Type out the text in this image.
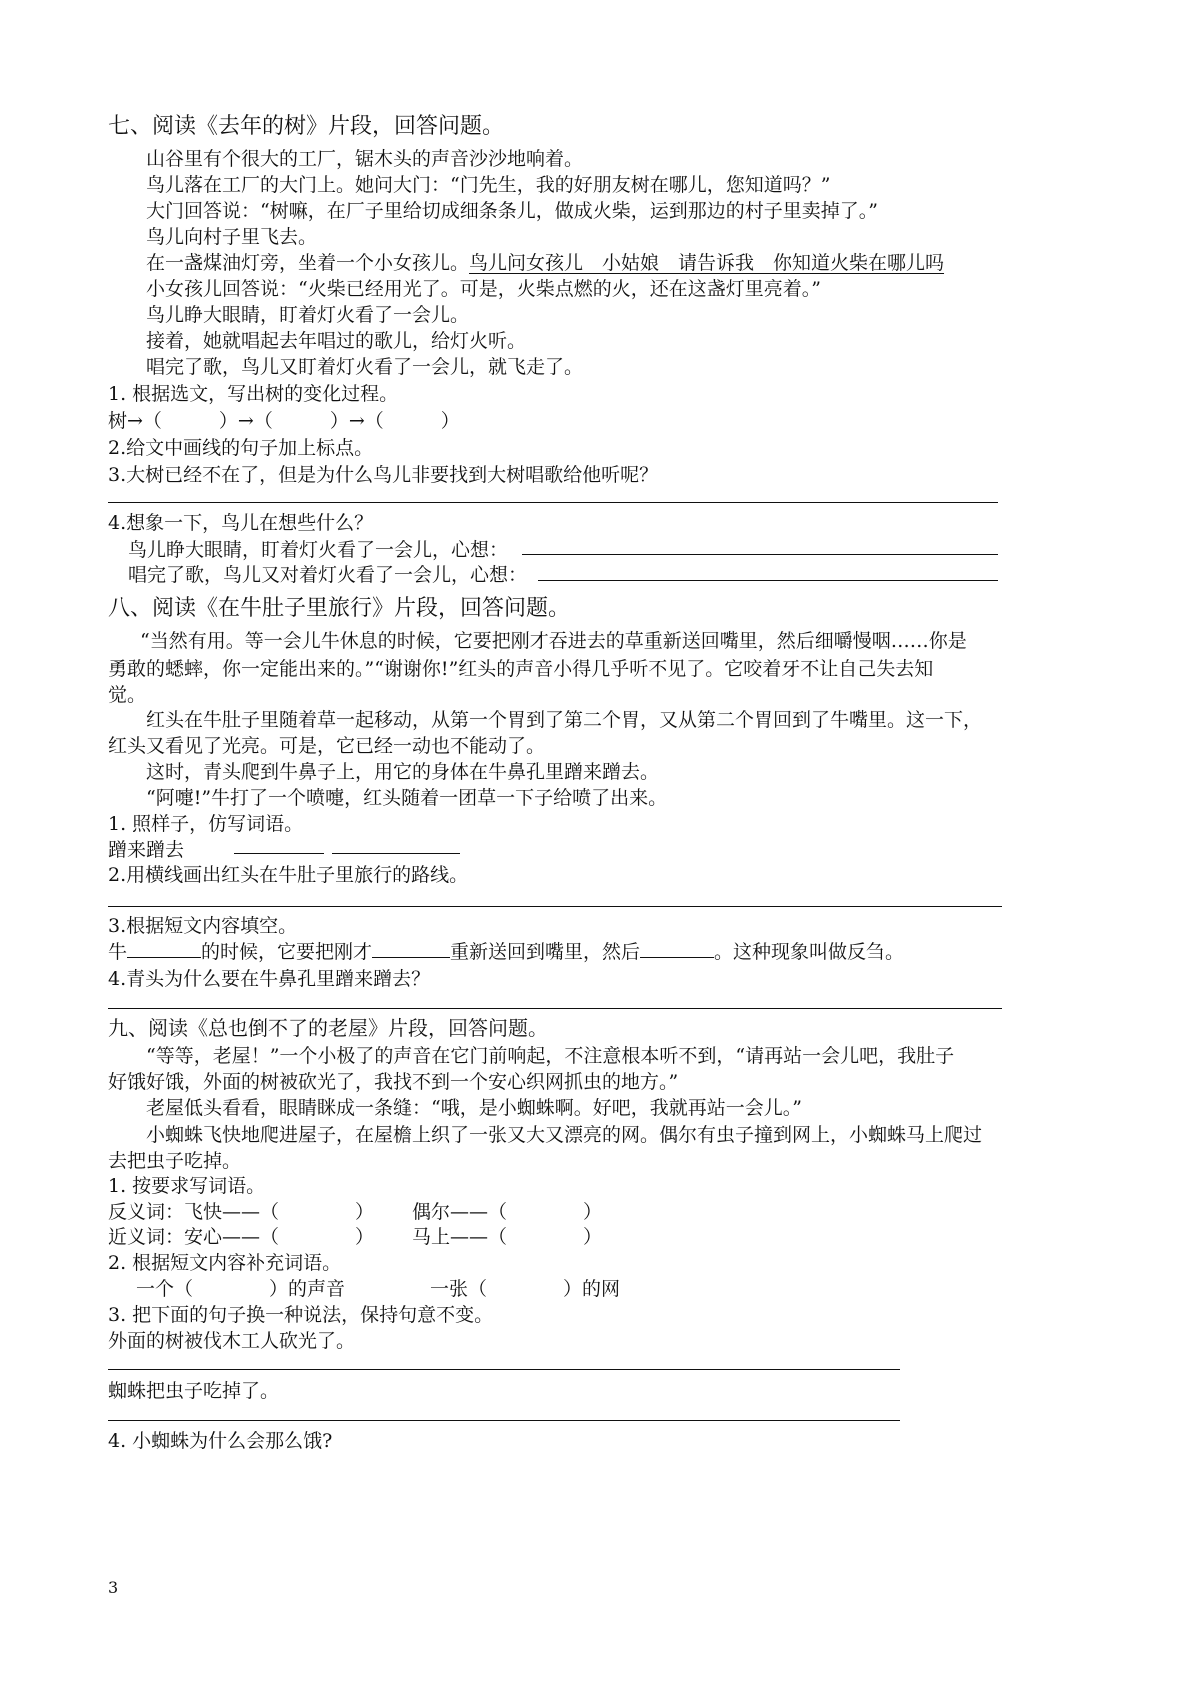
七、阅读《去年的树》片段，回答问题。
山谷里有个很大的工厂，锯木头的声音沙沙地响着。
鸟儿落在工厂的大门上。她问大门：“门先生，我的好朋友树在哪儿，您知道吗？”
大门回答说：“树嘛，在厂子里给切成细条条儿，做成火柴，运到那边的村子里卖掉了。”
鸟儿向村子里飞去。
在一盏煤油灯旁，坐着一个小女孩儿。鸟儿问女孩儿　小姑娘　请告诉我　你知道火柴在哪儿吗
小女孩儿回答说：“火柴已经用光了。可是，火柴点燃的火，还在这盏灯里亮着。”
鸟儿睁大眼睛，盯着灯火看了一会儿。
接着，她就唱起去年唱过的歌儿，给灯火听。
唱完了歌，鸟儿又盯着灯火看了一会儿，就飞走了。
1. 根据选文，写出树的变化过程。
树→（　　　）→（　　　）→（　　　）
2.给文中画线的句子加上标点。
3.大树已经不在了，但是为什么鸟儿非要找到大树唱歌给他听呢？
4.想象一下，鸟儿在想些什么？
鸟儿睁大眼睛，盯着灯火看了一会儿，心想：
唱完了歌，鸟儿又对着灯火看了一会儿，心想：
八、阅读《在牛肚子里旅行》片段，回答问题。
“当然有用。等一会儿牛休息的时候，它要把刚才吞进去的草重新送回嘴里，然后细嚼慢咽……你是
勇敢的蟋蟀，你一定能出来的。”“谢谢你!”红头的声音小得几乎听不见了。它咬着牙不让自己失去知
觉。
红头在牛肚子里随着草一起移动，从第一个胃到了第二个胃，又从第二个胃回到了牛嘴里。这一下，
红头又看见了光亮。可是，它已经一动也不能动了。
这时，青头爬到牛鼻子上，用它的身体在牛鼻孔里蹭来蹭去。
“阿嚏!”牛打了一个喷嚏，红头随着一团草一下子给喷了出来。
1. 照样子，仿写词语。
蹭来蹭去
2.用横线画出红头在牛肚子里旅行的路线。
3.根据短文内容填空。
牛	的时候，它要把刚才	重新送回到嘴里，然后	。这种现象叫做反刍。
4.青头为什么要在牛鼻孔里蹭来蹭去？
九、阅读《总也倒不了的老屋》片段，回答问题。
“等等，老屋！”一个小极了的声音在它门前响起，不注意根本听不到，“请再站一会儿吧，我肚子
好饿好饿，外面的树被砍光了，我找不到一个安心织网抓虫的地方。”
老屋低头看看，眼睛眯成一条缝：“哦，是小蜘蛛啊。好吧，我就再站一会儿。”
小蜘蛛飞快地爬进屋子，在屋檐上织了一张又大又漂亮的网。偶尔有虫子撞到网上，小蜘蛛马上爬过
去把虫子吃掉。
1. 按要求写词语。
反义词：飞快——（　　　　） 偶尔——（　　　　）
近义词：安心——（　　　　） 马上——（　　　　）
2. 根据短文内容补充词语。
一个（　　　　）的声音	一张（　　　　）的网
3. 把下面的句子换一种说法，保持句意不变。
外面的树被伐木工人砍光了。
蜘蛛把虫子吃掉了。
4. 小蜘蛛为什么会那么饿?
3
